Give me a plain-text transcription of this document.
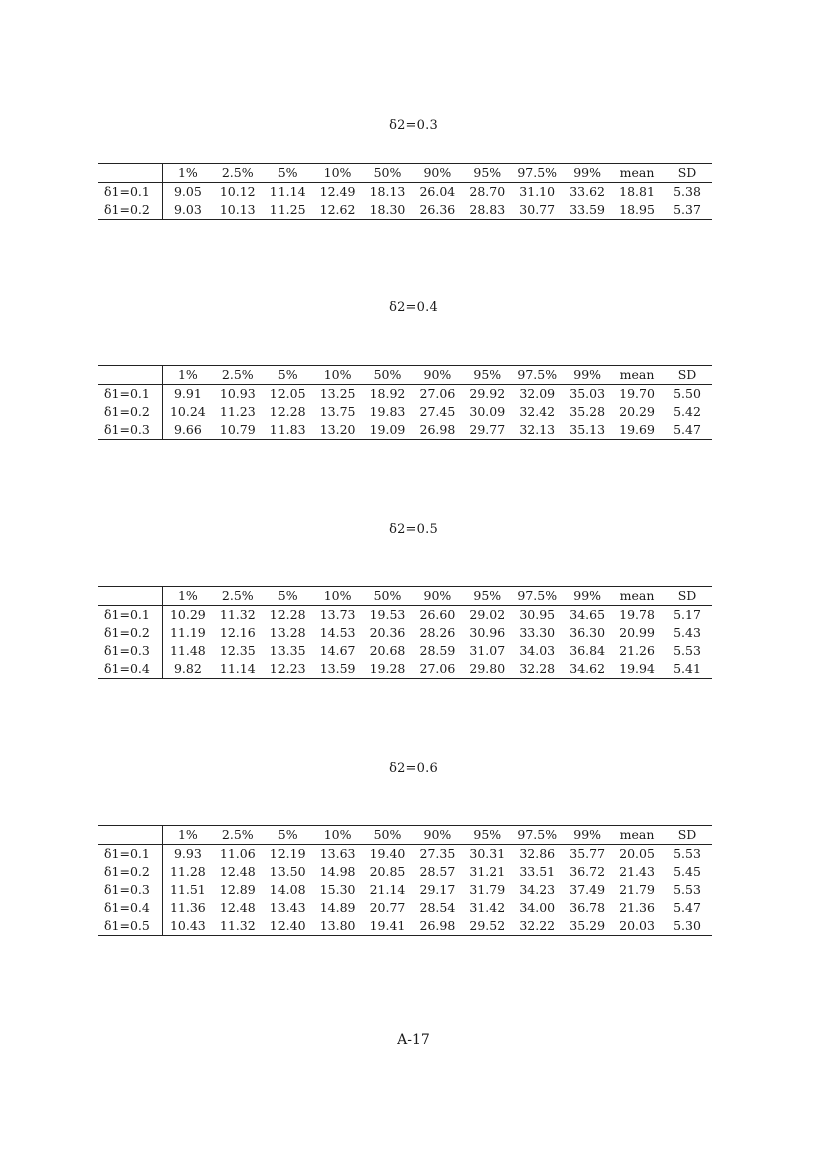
δ2=0.3
	1%	2.5%	5%	10%	50%	90%	95%	97.5%	99%	mean	SD
δ1=0.1	9.05	10.12	11.14	12.49	18.13	26.04	28.70	31.10	33.62	18.81	5.38
δ1=0.2	9.03	10.13	11.25	12.62	18.30	26.36	28.83	30.77	33.59	18.95	5.37
δ2=0.4
	1%	2.5%	5%	10%	50%	90%	95%	97.5%	99%	mean	SD
δ1=0.1	9.91	10.93	12.05	13.25	18.92	27.06	29.92	32.09	35.03	19.70	5.50
δ1=0.2	10.24	11.23	12.28	13.75	19.83	27.45	30.09	32.42	35.28	20.29	5.42
δ1=0.3	9.66	10.79	11.83	13.20	19.09	26.98	29.77	32.13	35.13	19.69	5.47
δ2=0.5
	1%	2.5%	5%	10%	50%	90%	95%	97.5%	99%	mean	SD
δ1=0.1	10.29	11.32	12.28	13.73	19.53	26.60	29.02	30.95	34.65	19.78	5.17
δ1=0.2	11.19	12.16	13.28	14.53	20.36	28.26	30.96	33.30	36.30	20.99	5.43
δ1=0.3	11.48	12.35	13.35	14.67	20.68	28.59	31.07	34.03	36.84	21.26	5.53
δ1=0.4	9.82	11.14	12.23	13.59	19.28	27.06	29.80	32.28	34.62	19.94	5.41
δ2=0.6
	1%	2.5%	5%	10%	50%	90%	95%	97.5%	99%	mean	SD
δ1=0.1	9.93	11.06	12.19	13.63	19.40	27.35	30.31	32.86	35.77	20.05	5.53
δ1=0.2	11.28	12.48	13.50	14.98	20.85	28.57	31.21	33.51	36.72	21.43	5.45
δ1=0.3	11.51	12.89	14.08	15.30	21.14	29.17	31.79	34.23	37.49	21.79	5.53
δ1=0.4	11.36	12.48	13.43	14.89	20.77	28.54	31.42	34.00	36.78	21.36	5.47
δ1=0.5	10.43	11.32	12.40	13.80	19.41	26.98	29.52	32.22	35.29	20.03	5.30
A-17
